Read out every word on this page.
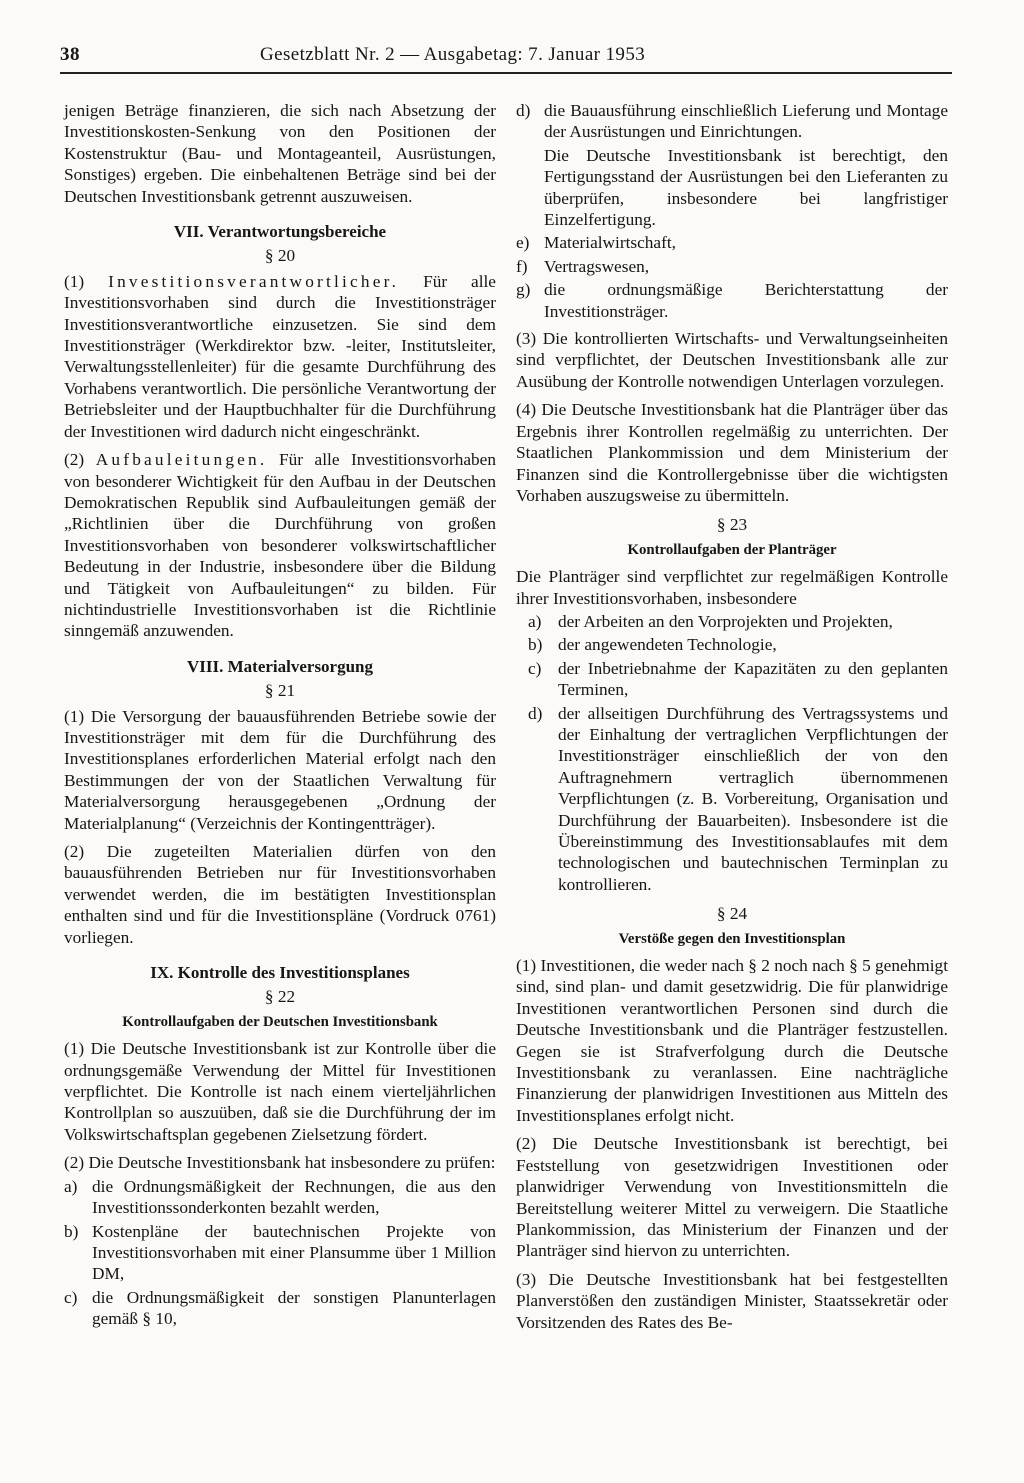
38	Gesetzblatt Nr. 2 — Ausgabetag: 7. Januar 1953

jenigen Beträge finanzieren, die sich nach Absetzung der Investitionskosten-Senkung von den Positionen der Kostenstruktur (Bau- und Montageanteil, Ausrüstungen, Sonstiges) ergeben. Die einbehaltenen Beträge sind bei der Deutschen Investitionsbank getrennt auszuweisen.

VII. Verantwortungsbereiche
§ 20

(1) Investitionsverantwortlicher. Für alle Investitionsvorhaben sind durch die Investitionsträger Investitionsverantwortliche einzusetzen. Sie sind dem Investitionsträger (Werkdirektor bzw. -leiter, Institutsleiter, Verwaltungsstellenleiter) für die gesamte Durchführung des Vorhabens verantwortlich. Die persönliche Verantwortung der Betriebsleiter und der Hauptbuchhalter für die Durchführung der Investitionen wird dadurch nicht eingeschränkt.

(2) Aufbauleitungen. Für alle Investitionsvorhaben von besonderer Wichtigkeit für den Aufbau in der Deutschen Demokratischen Republik sind Aufbauleitungen gemäß der „Richtlinien über die Durchführung von großen Investitionsvorhaben von besonderer volkswirtschaftlicher Bedeutung in der Industrie, insbesondere über die Bildung und Tätigkeit von Aufbauleitungen“ zu bilden. Für nichtindustrielle Investitionsvorhaben ist die Richtlinie sinngemäß anzuwenden.

VIII. Materialversorgung
§ 21

(1) Die Versorgung der bauausführenden Betriebe sowie der Investitionsträger mit dem für die Durchführung des Investitionsplanes erforderlichen Material erfolgt nach den Bestimmungen der von der Staatlichen Verwaltung für Materialversorgung herausgegebenen „Ordnung der Materialplanung“ (Verzeichnis der Kontingentträger).

(2) Die zugeteilten Materialien dürfen von den bauausführenden Betrieben nur für Investitionsvorhaben verwendet werden, die im bestätigten Investitionsplan enthalten sind und für die Investitionspläne (Vordruck 0761) vorliegen.

IX. Kontrolle des Investitionsplanes
§ 22
Kontrollaufgaben der Deutschen Investitionsbank

(1) Die Deutsche Investitionsbank ist zur Kontrolle über die ordnungsgemäße Verwendung der Mittel für Investitionen verpflichtet. Die Kontrolle ist nach einem vierteljährlichen Kontrollplan so auszuüben, daß sie die Durchführung der im Volkswirtschaftsplan gegebenen Zielsetzung fördert.

(2) Die Deutsche Investitionsbank hat insbesondere zu prüfen:

a) die Ordnungsmäßigkeit der Rechnungen, die aus den Investitionssonderkonten bezahlt werden,
b) Kostenpläne der bautechnischen Projekte von Investitionsvorhaben mit einer Plansumme über 1 Million DM,
c) die Ordnungsmäßigkeit der sonstigen Planunterlagen gemäß § 10,
d) die Bauausführung einschließlich Lieferung und Montage der Ausrüstungen und Einrichtungen.
Die Deutsche Investitionsbank ist berechtigt, den Fertigungsstand der Ausrüstungen bei den Lieferanten zu überprüfen, insbesondere bei langfristiger Einzelfertigung.
e) Materialwirtschaft,
f) Vertragswesen,
g) die ordnungsmäßige Berichterstattung der Investitionsträger.

(3) Die kontrollierten Wirtschafts- und Verwaltungseinheiten sind verpflichtet, der Deutschen Investitionsbank alle zur Ausübung der Kontrolle notwendigen Unterlagen vorzulegen.

(4) Die Deutsche Investitionsbank hat die Planträger über das Ergebnis ihrer Kontrollen regelmäßig zu unterrichten. Der Staatlichen Plankommission und dem Ministerium der Finanzen sind die Kontrollergebnisse über die wichtigsten Vorhaben auszugsweise zu übermitteln.

§ 23
Kontrollaufgaben der Planträger

Die Planträger sind verpflichtet zur regelmäßigen Kontrolle ihrer Investitionsvorhaben, insbesondere

a) der Arbeiten an den Vorprojekten und Projekten,
b) der angewendeten Technologie,
c) der Inbetriebnahme der Kapazitäten zu den geplanten Terminen,
d) der allseitigen Durchführung des Vertragssystems und der Einhaltung der vertraglichen Verpflichtungen der Investitionsträger einschließlich der von den Auftragnehmern vertraglich übernommenen Verpflichtungen (z. B. Vorbereitung, Organisation und Durchführung der Bauarbeiten). Insbesondere ist die Übereinstimmung des Investitionsablaufes mit dem technologischen und bautechnischen Terminplan zu kontrollieren.
§ 24
Verstöße gegen den Investitionsplan

(1) Investitionen, die weder nach § 2 noch nach § 5 genehmigt sind, sind plan- und damit gesetzwidrig. Die für planwidrige Investitionen verantwortlichen Personen sind durch die Deutsche Investitionsbank und die Planträger festzustellen. Gegen sie ist Strafverfolgung durch die Deutsche Investitionsbank zu veranlassen. Eine nachträgliche Finanzierung der planwidrigen Investitionen aus Mitteln des Investitionsplanes erfolgt nicht.

(2) Die Deutsche Investitionsbank ist berechtigt, bei Feststellung von gesetzwidrigen Investitionen oder planwidriger Verwendung von Investitionsmitteln die Bereitstellung weiterer Mittel zu verweigern. Die Staatliche Plankommission, das Ministerium der Finanzen und der Planträger sind hiervon zu unterrichten.

(3) Die Deutsche Investitionsbank hat bei festgestellten Planverstößen den zuständigen Minister, Staatssekretär oder Vorsitzenden des Rates des Be-
